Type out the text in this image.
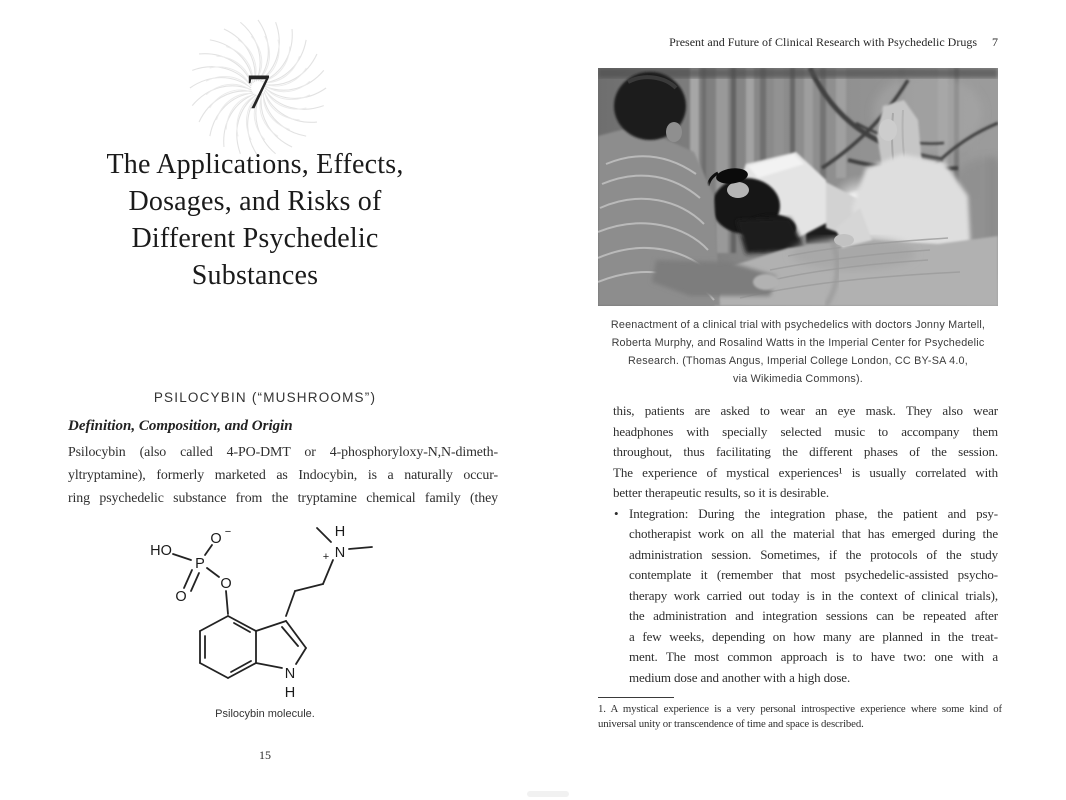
7
The Applications, Effects,
Dosages, and Risks of
Different Psychedelic
Substances
PSILOCYBIN (“MUSHROOMS”)
Definition, Composition, and Origin
Psilocybin (also called 4-PO-DMT or 4-phosphoryloxy-N,N-dimeth-
yltryptamine), formerly marketed as Indocybin, is a naturally occur-
ring psychedelic substance from the tryptamine chemical family (they
HO
O −
P
O
O
H
N
+
N
H
Psilocybin molecule.
15
Present and Future of Clinical Research with Psychedelic Drugs 7
Reenactment of a clinical trial with psychedelics with doctors Jonny Martell,
Roberta Murphy, and Rosalind Watts in the Imperial Center for Psychedelic
Research. (Thomas Angus, Imperial College London, CC BY-SA 4.0,
via Wikimedia Commons).
this, patients are asked to wear an eye mask. They also wear
headphones with specially selected music to accompany them
throughout, thus facilitating the different phases of the session.
The experience of mystical experiences¹ is usually correlated with
better therapeutic results, so it is desirable.
• Integration: During the integration phase, the patient and psy-
chotherapist work on all the material that has emerged during the
administration session. Sometimes, if the protocols of the study
contemplate it (remember that most psychedelic-assisted psycho-
therapy work carried out today is in the context of clinical trials),
the administration and integration sessions can be repeated after
a few weeks, depending on how many are planned in the treat-
ment. The most common approach is to have two: one with a
medium dose and another with a high dose.
1. A mystical experience is a very personal introspective experience where some kind of
universal unity or transcendence of time and space is described.
